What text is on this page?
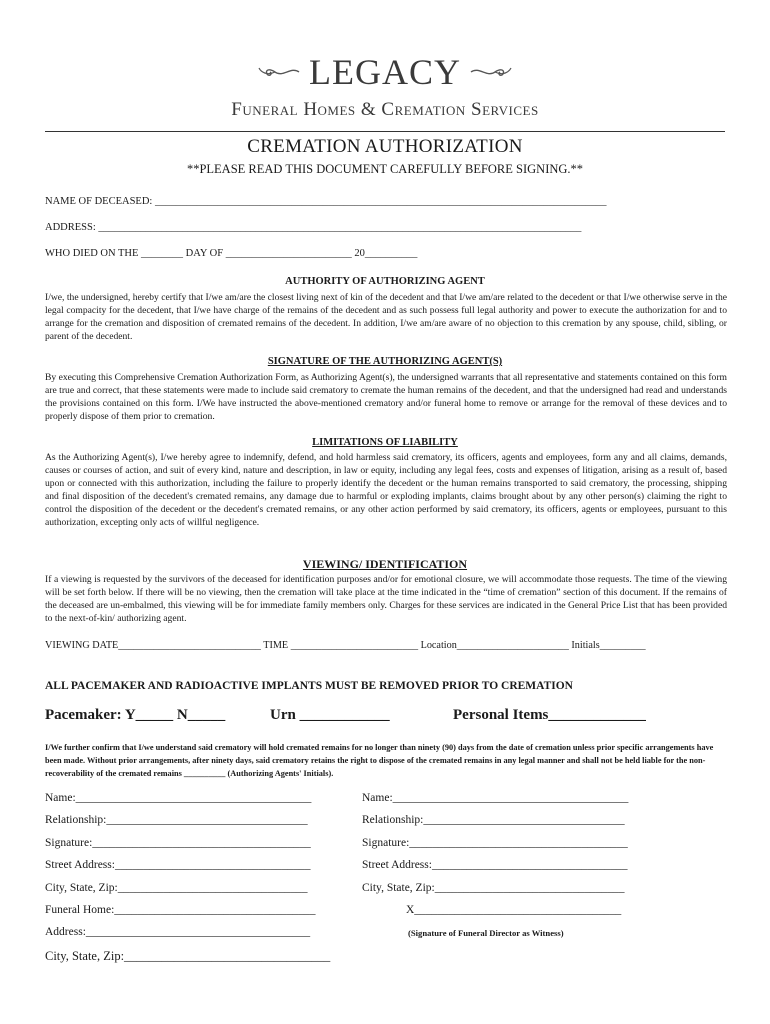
LEGACY
Funeral Homes & Cremation Services
CREMATION AUTHORIZATION
**PLEASE READ THIS DOCUMENT CAREFULLY BEFORE SIGNING.**
NAME OF DECEASED: ______________________________________________________________________________________
ADDRESS: ____________________________________________________________________________________________
WHO DIED ON THE ________ DAY OF ________________________ 20__________
AUTHORITY OF AUTHORIZING AGENT
I/we, the undersigned, hereby certify that I/we am/are the closest living next of kin of the decedent and that I/we am/are related to the decedent or that I/we otherwise serve in the legal compacity for the decedent, that I/we have charge of the remains of the decedent and as such possess full legal authority and power to execute the authorization for and to arrange for the cremation and disposition of cremated remains of the decedent. In addition, I/we am/are aware of no objection to this cremation by any spouse, child, sibling, or parent of the decedent.
SIGNATURE OF THE AUTHORIZING AGENT(S)
By executing this Comprehensive Cremation Authorization Form, as Authorizing Agent(s), the undersigned warrants that all representative and statements contained on this form are true and correct, that these statements were made to include said crematory to cremate the human remains of the decedent, and that the undersigned had read and understands the provisions contained on this form. I/We have instructed the above-mentioned crematory and/or funeral home to remove or arrange for the removal of these devices and to properly dispose of them prior to cremation.
LIMITATIONS OF LIABILITY
As the Authorizing Agent(s), I/we hereby agree to indemnify, defend, and hold harmless said crematory, its officers, agents and employees, form any and all claims, demands, causes or courses of action, and suit of every kind, nature and description, in law or equity, including any legal fees, costs and expenses of litigation, arising as a result of, based upon or connected with this authorization, including the failure to properly identify the decedent or the human remains transported to said crematory, the processing, shipping and final disposition of the decedent's cremated remains, any damage due to harmful or exploding implants, claims brought about by any other person(s) claiming the right to control the disposition of the decedent or the decedent's cremated remains, or any other action performed by said crematory, its officers, agents or employees, pursuant to this authorization, excepting only acts of willful negligence.
VIEWING/ IDENTIFICATION
If a viewing is requested by the survivors of the deceased for identification purposes and/or for emotional closure, we will accommodate those requests. The time of the viewing will be set forth below. If there will be no viewing, then the cremation will take place at the time indicated in the “time of cremation” section of this document. If the remains of the deceased are un-embalmed, this viewing will be for immediate family members only. Charges for these services are indicated in the General Price List that has been provided to the next-of-kin/ authorizing agent.
VIEWING DATE____________________________ TIME _________________________ Location______________________ Initials_________
ALL PACEMAKER AND RADIOACTIVE IMPLANTS MUST BE REMOVED PRIOR TO CREMATION
Pacemaker: Y_____ N_____	Urn ____________	Personal Items_____________
I/We further confirm that I/we understand said crematory will hold cremated remains for no longer than ninety (90) days from the date of cremation unless prior specific arrangements have been made. Without prior arrangements, after ninety days, said crematory retains the right to dispose of the cremated remains in any legal manner and shall not be held liable for the non-recoverability of the cremated remains __________ (Authorizing Agents' Initials).
Name:_________________________________________
Relationship:___________________________________
Signature:______________________________________
Street Address:__________________________________
City, State, Zip:_________________________________
Funeral Home:___________________________________
Address:_______________________________________
City, State, Zip:_________________________________
Name:_________________________________________
Relationship:___________________________________
Signature:______________________________________
Street Address:__________________________________
City, State, Zip:_________________________________
X____________________________________
(Signature of Funeral Director as Witness)
